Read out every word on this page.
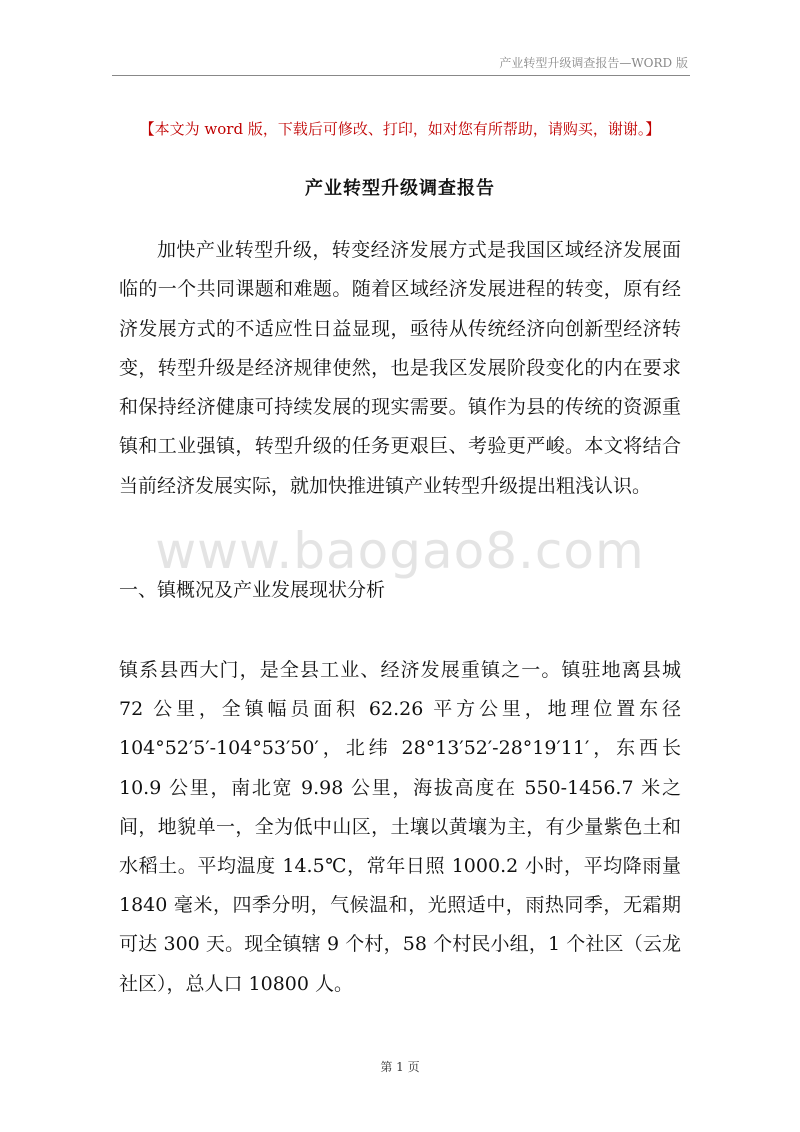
产业转型升级调查报告—WORD 版
【本文为 word 版，下载后可修改、打印，如对您有所帮助，请购买，谢谢。】
产业转型升级调查报告

加快产业转型升级，转变经济发展方式是我国区域经济发展面临的一个共同课题和难题。随着区域经济发展进程的转变，原有经济发展方式的不适应性日益显现，亟待从传统经济向创新型经济转变，转型升级是经济规律使然，也是我区发展阶段变化的内在要求和保持经济健康可持续发展的现实需要。镇作为县的传统的资源重镇和工业强镇，转型升级的任务更艰巨、考验更严峻。本文将结合当前经济发展实际，就加快推进镇产业转型升级提出粗浅认识。

www.baogao8.com
一、镇概况及产业发展现状分析

镇系县西大门，是全县工业、经济发展重镇之一。镇驻地离县城 72 公里，全镇幅员面积 62.26 平方公里，地理位置东径 104°52′5′-104°53′50′，北纬 28°13′52′-28°19′11′，东西长 10.9 公里，南北宽 9.98 公里，海拔高度在 550-1456.7 米之间，地貌单一，全为低中山区，土壤以黄壤为主，有少量紫色土和水稻土。平均温度 14.5℃，常年日照 1000.2 小时，平均降雨量 1840 毫米，四季分明，气候温和，光照适中，雨热同季，无霜期可达 300 天。现全镇辖 9 个村，58 个村民小组，1 个社区（云龙社区），总人口 10800 人。

第 1 页
